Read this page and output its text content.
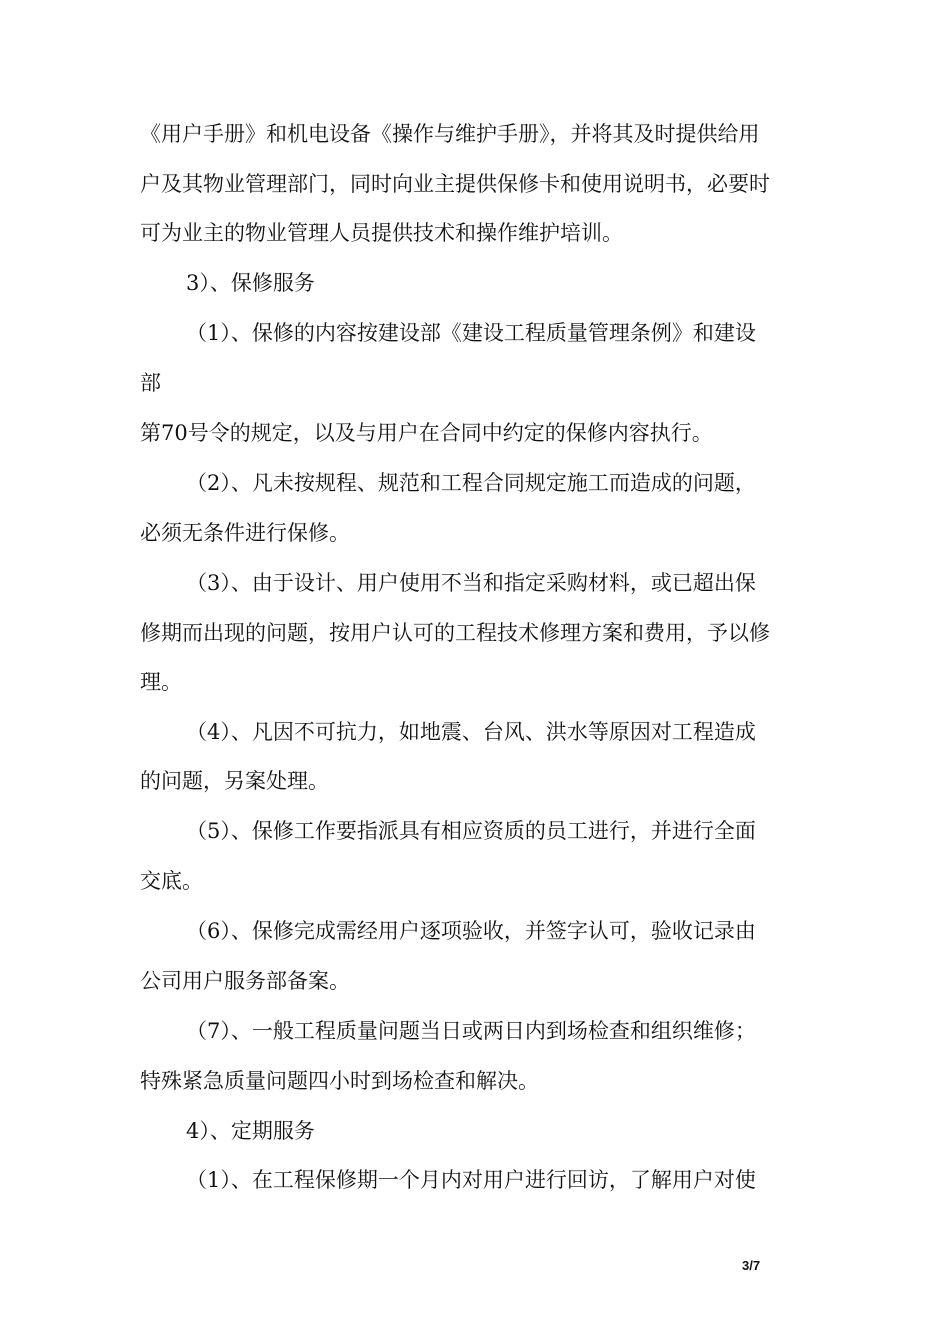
《用户手册》和机电设备《操作与维护手册》，并将其及时提供给用
户及其物业管理部门，同时向业主提供保修卡和使用说明书，必要时
可为业主的物业管理人员提供技术和操作维护培训。
3）、保修服务
（1）、保修的内容按建设部《建设工程质量管理条例》和建设
部
第70号令的规定，以及与用户在合同中约定的保修内容执行。
（2）、凡未按规程、规范和工程合同规定施工而造成的问题，
必须无条件进行保修。
（3）、由于设计、用户使用不当和指定采购材料，或已超出保
修期而出现的问题，按用户认可的工程技术修理方案和费用，予以修
理。
（4）、凡因不可抗力，如地震、台风、洪水等原因对工程造成
的问题，另案处理。
（5）、保修工作要指派具有相应资质的员工进行，并进行全面
交底。
（6）、保修完成需经用户逐项验收，并签字认可，验收记录由
公司用户服务部备案。
（7）、一般工程质量问题当日或两日内到场检查和组织维修；
特殊紧急质量问题四小时到场检查和解决。
4）、定期服务
（1）、在工程保修期一个月内对用户进行回访，了解用户对使
3/7
